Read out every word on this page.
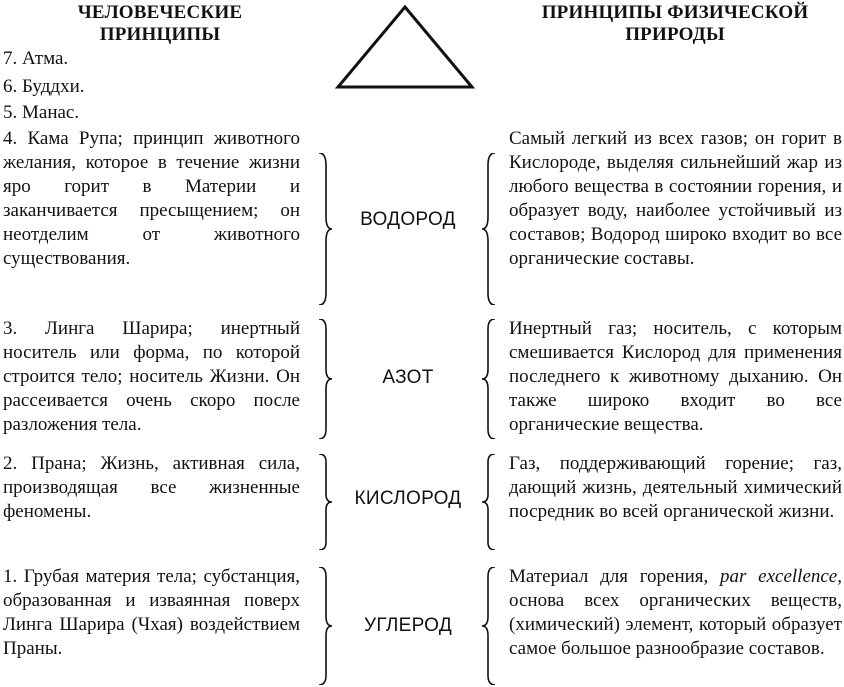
ЧЕЛОВЕЧЕСКИЕ ПРИНЦИПЫ
ПРИНЦИПЫ ФИЗИЧЕСКОЙ ПРИРОДЫ
7. Атма.
6. Буддхи.
5. Манас.
4. Кама Рупа; принцип животного желания, которое в течение жизни яро горит в Материи и заканчивается пресыщением; он неотделим от животного существования.
ВОДОРОД
Самый легкий из всех газов; он горит в Кислороде, выделяя сильнейший жар из любого вещества в состоянии горения, и образует воду, наиболее устойчивый из составов; Водород широко входит во все органические составы.
3. Линга Шарира; инертный носитель или форма, по которой строится тело; носитель Жизни. Он рассеивается очень скоро после разложения тела.
АЗОТ
Инертный газ; носитель, с которым смешивается Кислород для применения последнего к животному дыханию. Он также широко входит во все органические вещества.
2. Прана; Жизнь, активная сила, производящая все жизненные феномены.
КИСЛОРОД
Газ, поддерживающий горение; газ, дающий жизнь, деятельный химический посредник во всей органической жизни.
1. Грубая материя тела; субстанция, образованная и изваянная поверх Линга Шарира (Чхая) воздействием Праны.
УГЛЕРОД
Материал для горения, par excellence, основа всех органических веществ, (химический) элемент, который образует самое большое разнообразие составов.
